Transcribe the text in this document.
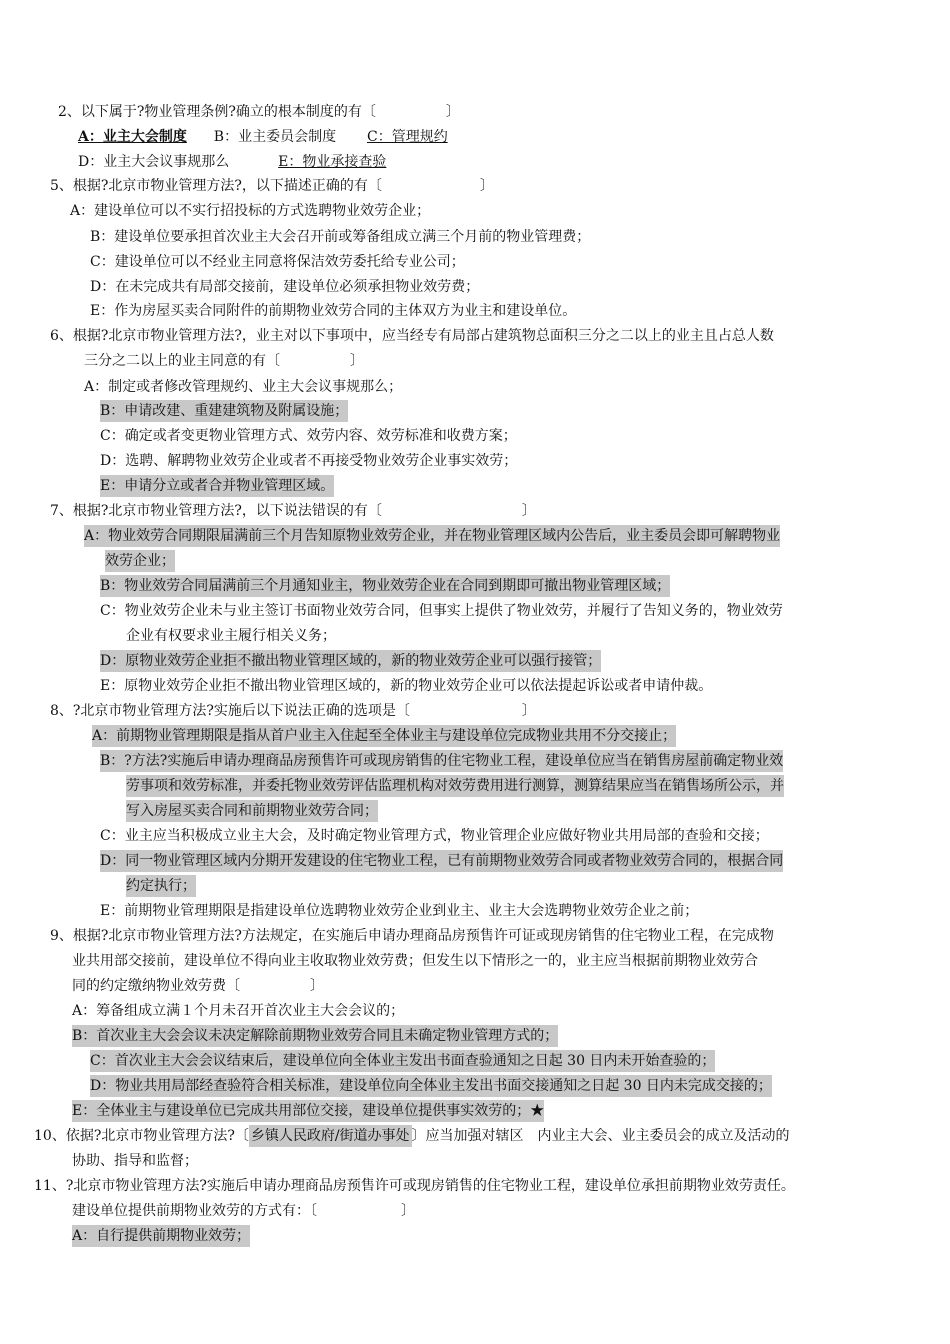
2、以下属于?物业管理条例?确立的根本制度的有〔　　　　　〕
A：业主大会制度 B：业主委员会制度 C：管理规约
D：业主大会议事规那么	E：物业承接查验
5、根据?北京市物业管理方法?，以下描述正确的有〔　　　　　　　〕
A：建设单位可以不实行招投标的方式选聘物业效劳企业；
B：建设单位要承担首次业主大会召开前或筹备组成立满三个月前的物业管理费；
C：建设单位可以不经业主同意将保洁效劳委托给专业公司；
D：在未完成共有局部交接前，建设单位必须承担物业效劳费；
E：作为房屋买卖合同附件的前期物业效劳合同的主体双方为业主和建设单位。
6、根据?北京市物业管理方法?，业主对以下事项中，应当经专有局部占建筑物总面积三分之二以上的业主且占总人数
三分之二以上的业主同意的有〔　　　　　〕
A：制定或者修改管理规约、业主大会议事规那么；
B：申请改建、重建建筑物及附属设施；
C：确定或者变更物业管理方式、效劳内容、效劳标准和收费方案；
D：选聘、解聘物业效劳企业或者不再接受物业效劳企业事实效劳；
E：申请分立或者合并物业管理区域。
7、根据?北京市物业管理方法?，以下说法错误的有〔　　　　　　　　　　〕
A：物业效劳合同期限届满前三个月告知原物业效劳企业，并在物业管理区域内公告后，业主委员会即可解聘物业
效劳企业；
B：物业效劳合同届满前三个月通知业主，物业效劳企业在合同到期即可撤出物业管理区域；
C：物业效劳企业未与业主签订书面物业效劳合同，但事实上提供了物业效劳，并履行了告知义务的，物业效劳
企业有权要求业主履行相关义务；
D：原物业效劳企业拒不撤出物业管理区域的，新的物业效劳企业可以强行接管；
E：原物业效劳企业拒不撤出物业管理区域的，新的物业效劳企业可以依法提起诉讼或者申请仲裁。
8、?北京市物业管理方法?实施后以下说法正确的选项是〔　　　　　　　　〕
A：前期物业管理期限是指从首户业主入住起至全体业主与建设单位完成物业共用不分交接止；
B：?方法?实施后申请办理商品房预售许可或现房销售的住宅物业工程，建设单位应当在销售房屋前确定物业效
劳事项和效劳标准，并委托物业效劳评估监理机构对效劳费用进行测算，测算结果应当在销售场所公示，并
写入房屋买卖合同和前期物业效劳合同；
C：业主应当积极成立业主大会，及时确定物业管理方式，物业管理企业应做好物业共用局部的查验和交接；
D：同一物业管理区域内分期开发建设的住宅物业工程，已有前期物业效劳合同或者物业效劳合同的，根据合同
约定执行；
E：前期物业管理期限是指建设单位选聘物业效劳企业到业主、业主大会选聘物业效劳企业之前；
9、根据?北京市物业管理方法?方法规定，在实施后申请办理商品房预售许可证或现房销售的住宅物业工程，在完成物
业共用部交接前，建设单位不得向业主收取物业效劳费；但发生以下情形之一的，业主应当根据前期物业效劳合
同的约定缴纳物业效劳费〔　　　　　〕
A：筹备组成立满１个月未召开首次业主大会会议的；
B：首次业主大会会议未决定解除前期物业效劳合同且未确定物业管理方式的；
C：首次业主大会会议结束后，建设单位向全体业主发出书面查验通知之日起 30 日内未开始查验的；
D：物业共用局部经查验符合相关标准，建设单位向全体业主发出书面交接通知之日起 30 日内未完成交接的；
E：全体业主与建设单位已完成共用部位交接，建设单位提供事实效劳的；★
10、依据?北京市物业管理方法?〔 乡镇人民政府/街道办事处 〕应当加强对辖区　内业主大会、业主委员会的成立及活动的
协助、指导和监督；
11、?北京市物业管理方法?实施后申请办理商品房预售许可或现房销售的住宅物业工程，建设单位承担前期物业效劳责任。
建设单位提供前期物业效劳的方式有：〔　　　　　　〕
A：自行提供前期物业效劳；
